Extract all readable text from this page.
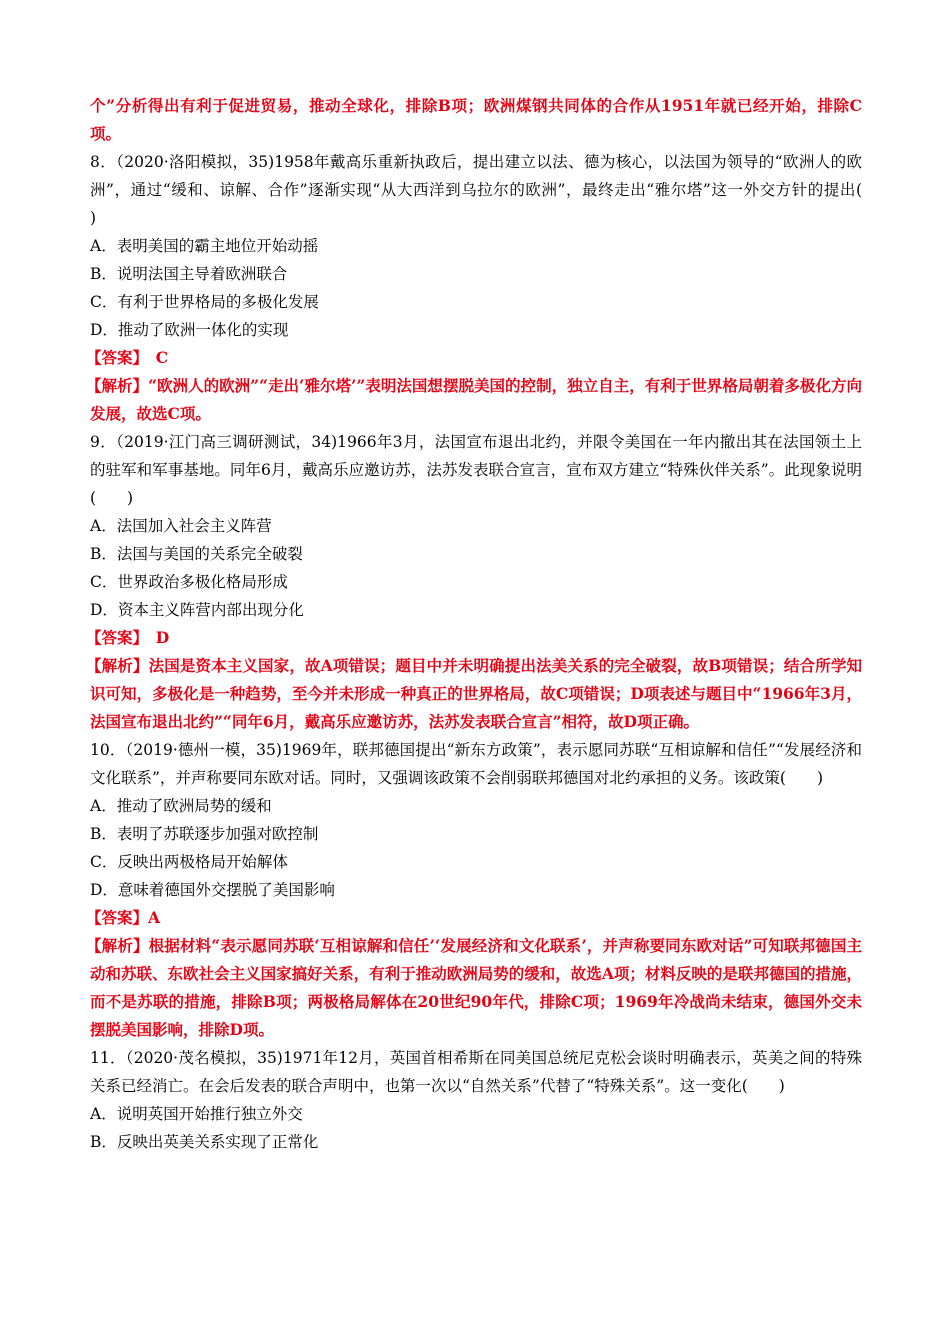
个”分析得出有利于促进贸易，推动全球化，排除B项；欧洲煤钢共同体的合作从1951年就已经开始，排除C项。

8．（2020·洛阳模拟，35)1958年戴高乐重新执政后，提出建立以法、德为核心，以法国为领导的“欧洲人的欧洲”，通过“缓和、谅解、合作”逐渐实现“从大西洋到乌拉尔的欧洲”，最终走出“雅尔塔”这一外交方针的提出(　　)

A．表明美国的霸主地位开始动摇

B．说明法国主导着欧洲联合

C．有利于世界格局的多极化发展

D．推动了欧洲一体化的实现

【答案】　C

【解析】“欧洲人的欧洲”“走出‘雅尔塔’”表明法国想摆脱美国的控制，独立自主，有利于世界格局朝着多极化方向发展，故选C项。

9．（2019·江门高三调研测试，34)1966年3月，法国宣布退出北约，并限令美国在一年内撤出其在法国领土上的驻军和军事基地。同年6月，戴高乐应邀访苏，法苏发表联合宣言，宣布双方建立“特殊伙伴关系”。此现象说明(　　)

A．法国加入社会主义阵营

B．法国与美国的关系完全破裂

C．世界政治多极化格局形成

D．资本主义阵营内部出现分化

【答案】　D

【解析】法国是资本主义国家，故A项错误；题目中并未明确提出法美关系的完全破裂，故B项错误；结合所学知识可知，多极化是一种趋势，至今并未形成一种真正的世界格局，故C项错误；D项表述与题目中“1966年3月，法国宣布退出北约”“同年6月，戴高乐应邀访苏，法苏发表联合宣言”相符，故D项正确。

10．（2019·德州一模，35)1969年，联邦德国提出“新东方政策”，表示愿同苏联“互相谅解和信任”“发展经济和文化联系”，并声称要同东欧对话。同时，又强调该政策不会削弱联邦德国对北约承担的义务。该政策(　　)

A．推动了欧洲局势的缓和

B．表明了苏联逐步加强对欧控制

C．反映出两极格局开始解体

D．意味着德国外交摆脱了美国影响

【答案】A

【解析】根据材料“表示愿同苏联‘互相谅解和信任’‘发展经济和文化联系’，并声称要同东欧对话”可知联邦德国主动和苏联、东欧社会主义国家搞好关系，有利于推动欧洲局势的缓和，故选A项；材料反映的是联邦德国的措施，而不是苏联的措施，排除B项；两极格局解体在20世纪90年代，排除C项；1969年冷战尚未结束，德国外交未摆脱美国影响，排除D项。

11．（2020·茂名模拟，35)1971年12月，英国首相希斯在同美国总统尼克松会谈时明确表示，英美之间的特殊关系已经消亡。在会后发表的联合声明中，也第一次以“自然关系”代替了“特殊关系”。这一变化(　　)

A．说明英国开始推行独立外交

B．反映出英美关系实现了正常化
